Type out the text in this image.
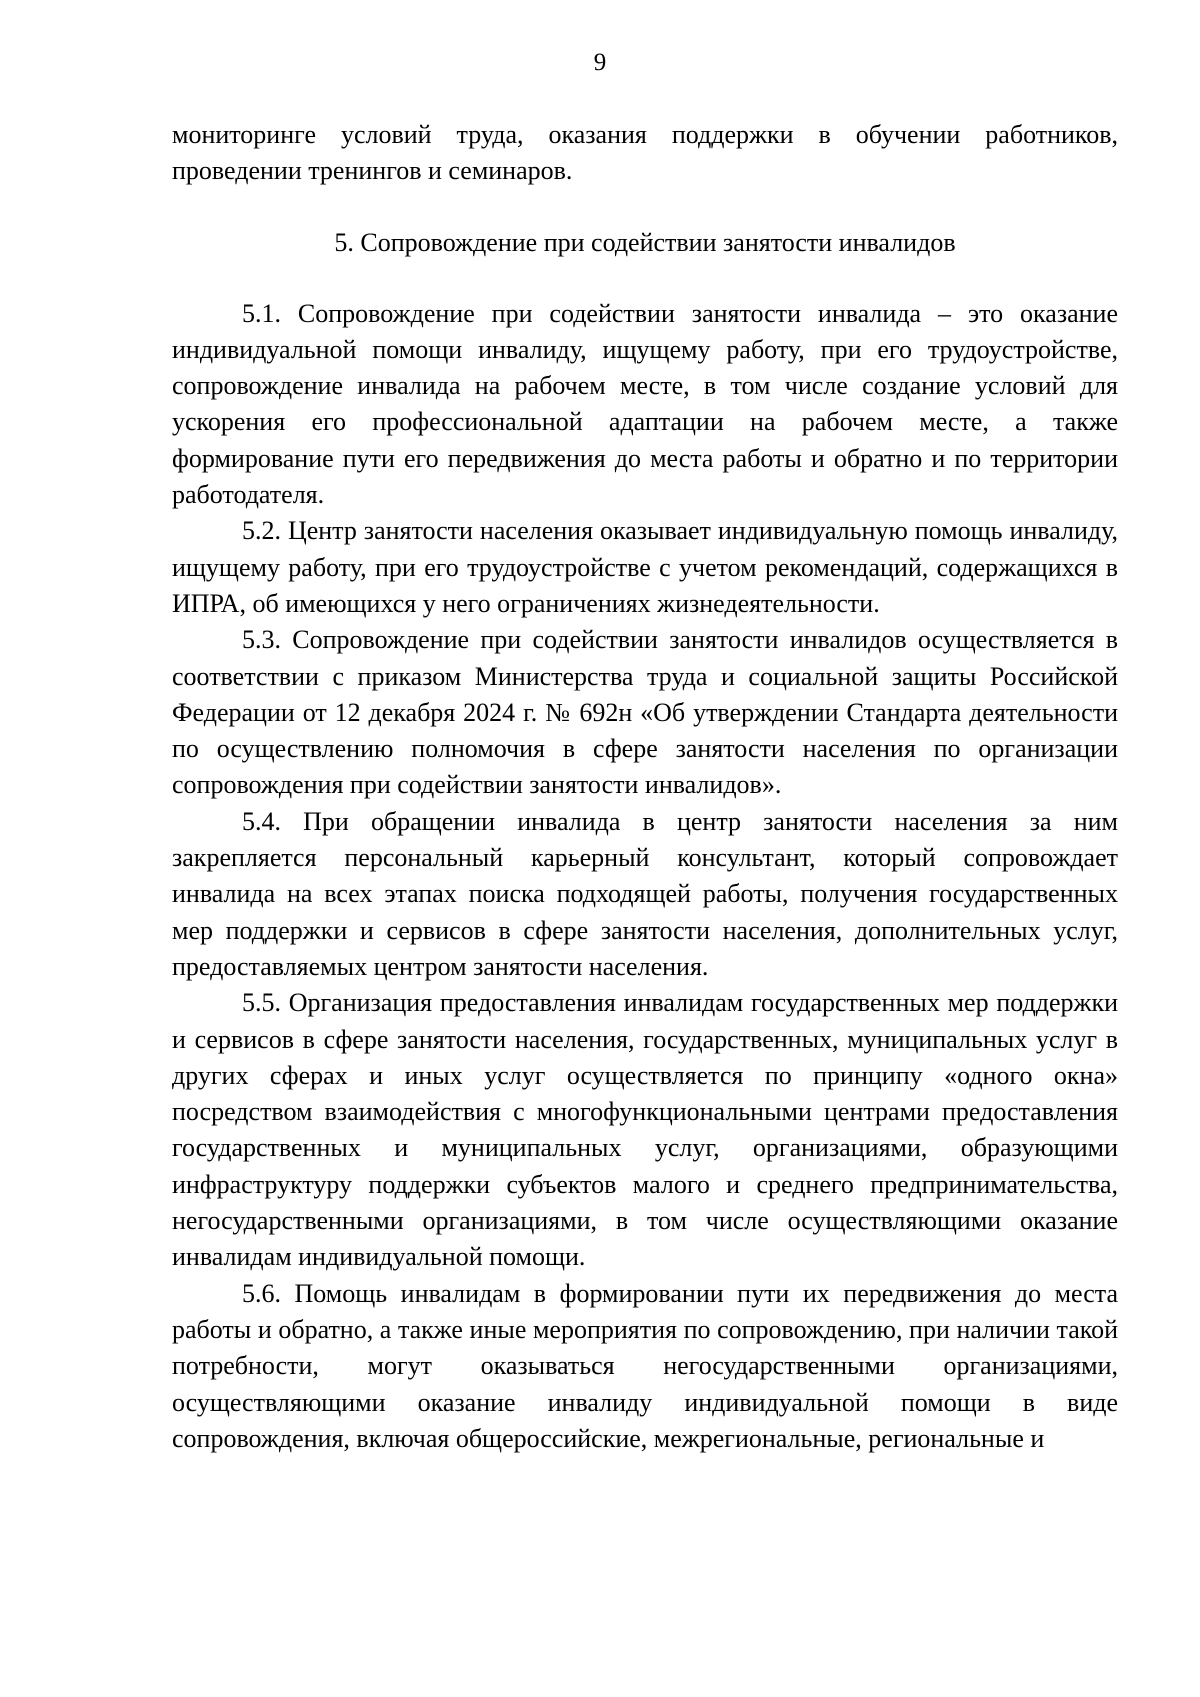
9

мониторинге условий труда, оказания поддержки в обучении работников, проведении тренингов и семинаров.

5. Сопровождение при содействии занятости инвалидов

5.1. Сопровождение при содействии занятости инвалида – это оказание индивидуальной помощи инвалиду, ищущему работу, при его трудоустройстве, сопровождение инвалида на рабочем месте, в том числе создание условий для ускорения его профессиональной адаптации на рабочем месте, а также формирование пути его передвижения до места работы и обратно и по территории работодателя.

5.2. Центр занятости населения оказывает индивидуальную помощь инвалиду, ищущему работу, при его трудоустройстве с учетом рекомендаций, содержащихся в ИПРА, об имеющихся у него ограничениях жизнедеятельности.

5.3. Сопровождение при содействии занятости инвалидов осуществляется в соответствии с приказом Министерства труда и социальной защиты Российской Федерации от 12 декабря 2024 г. № 692н «Об утверждении Стандарта деятельности по осуществлению полномочия в сфере занятости населения по организации сопровождения при содействии занятости инвалидов».

5.4. При обращении инвалида в центр занятости населения за ним закрепляется персональный карьерный консультант, который сопровождает инвалида на всех этапах поиска подходящей работы, получения государственных мер поддержки и сервисов в сфере занятости населения, дополнительных услуг, предоставляемых центром занятости населения.

5.5. Организация предоставления инвалидам государственных мер поддержки и сервисов в сфере занятости населения, государственных, муниципальных услуг в других сферах и иных услуг осуществляется по принципу «одного окна» посредством взаимодействия с многофункциональными центрами предоставления государственных и муниципальных услуг, организациями, образующими инфраструктуру поддержки субъектов малого и среднего предпринимательства, негосударственными организациями, в том числе осуществляющими оказание инвалидам индивидуальной помощи.

5.6. Помощь инвалидам в формировании пути их передвижения до места работы и обратно, а также иные мероприятия по сопровождению, при наличии такой потребности, могут оказываться негосударственными организациями, осуществляющими оказание инвалиду индивидуальной помощи в виде сопровождения, включая общероссийские, межрегиональные, региональные и
